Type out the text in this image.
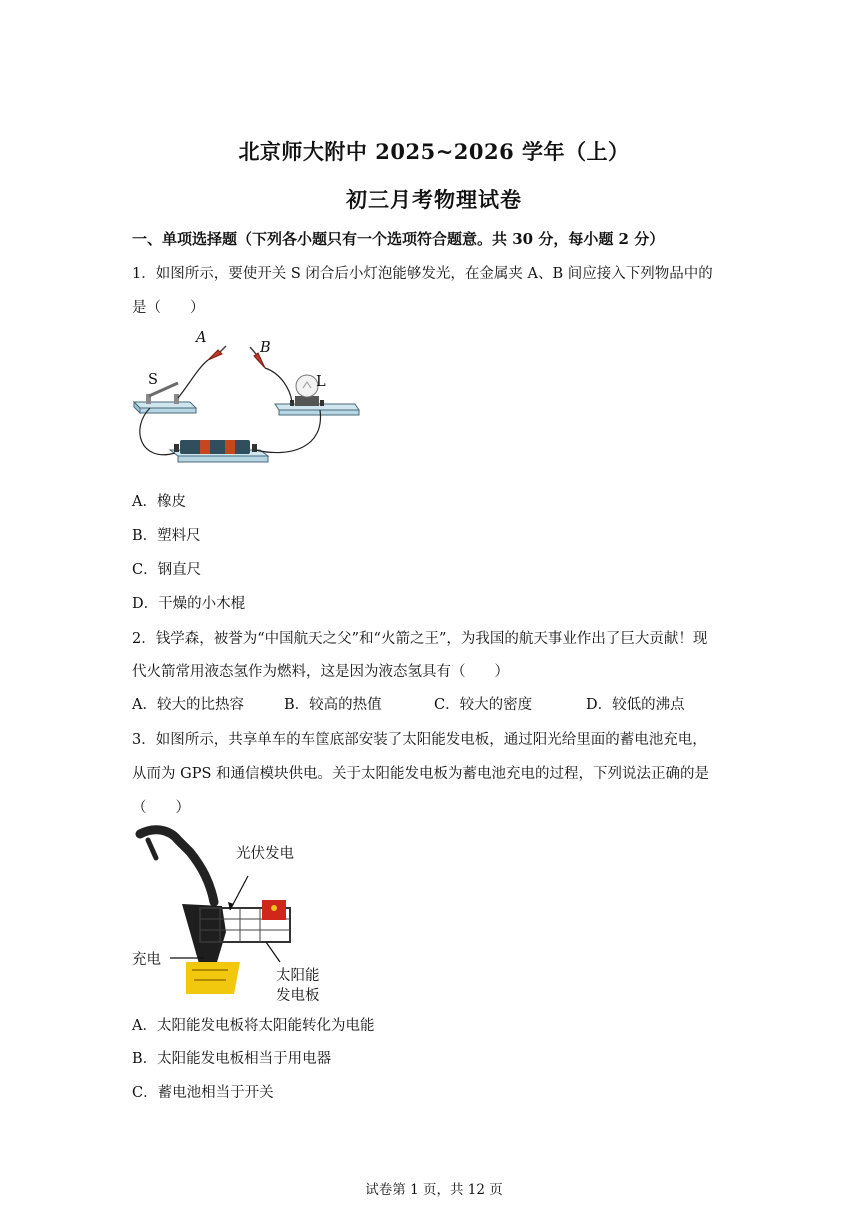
北京师大附中 2025~2026 学年（上）
初三月考物理试卷
一、单项选择题（下列各小题只有一个选项符合题意。共 30 分，每小题 2 分）
1．如图所示，要使开关 S 闭合后小灯泡能够发光，在金属夹 A、B 间应接入下列物品中的
是（　　）
A
B
S	L
A．橡皮
B．塑料尺
C．钢直尺
D．干燥的小木棍
2．钱学森，被誉为“中国航天之父”和“火箭之王”，为我国的航天事业作出了巨大贡献！现
代火箭常用液态氢作为燃料，这是因为液态氢具有（　　）
A．较大的比热容	B．较高的热值	C．较大的密度	D．较低的沸点
3．如图所示，共享单车的车筐底部安装了太阳能发电板，通过阳光给里面的蓄电池充电，
从而为 GPS 和通信模块供电。关于太阳能发电板为蓄电池充电的过程，下列说法正确的是
（　　）
光伏发电
充电
太阳能
发电板
A．太阳能发电板将太阳能转化为电能
B．太阳能发电板相当于用电器
C．蓄电池相当于开关
试卷第 1 页，共 12 页
